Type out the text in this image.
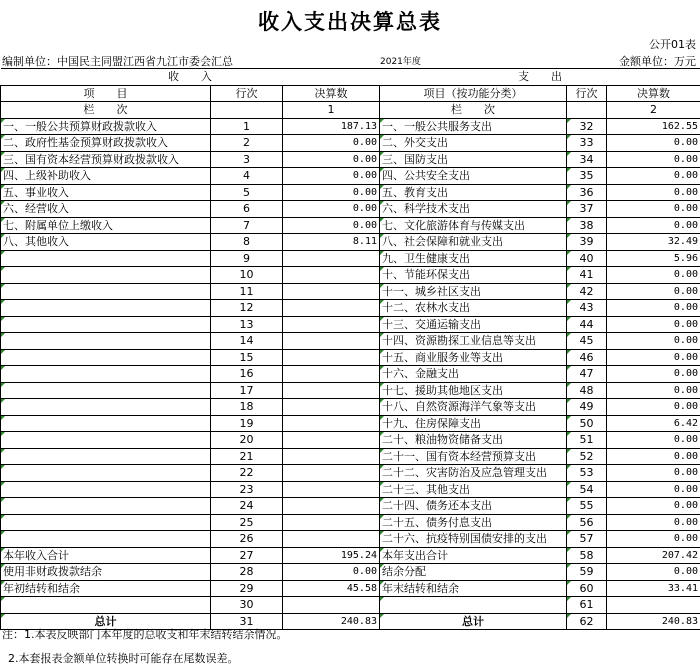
收入支出决算总表
公开01表
编制单位：中国民主同盟江西省九江市委会汇总	2021年度	金额单位：万元
收　　入			支　　出		
项　　目	行次	决算数	项目（按功能分类）	行次	决算数
栏　　次		1	栏　　次		2
一、一般公共预算财政拨款收入	1	187.13	一、一般公共服务支出	32	162.55
二、政府性基金预算财政拨款收入	2	0.00	二、外交支出	33	0.00
三、国有资本经营预算财政拨款收入	3	0.00	三、国防支出	34	0.00
四、上级补助收入	4	0.00	四、公共安全支出	35	0.00
五、事业收入	5	0.00	五、教育支出	36	0.00
六、经营收入	6	0.00	六、科学技术支出	37	0.00
七、附属单位上缴收入	7	0.00	七、文化旅游体育与传媒支出	38	0.00
八、其他收入	8	8.11	八、社会保障和就业支出	39	32.49
	9		九、卫生健康支出	40	5.96
	10		十、节能环保支出	41	0.00
	11		十一、城乡社区支出	42	0.00
	12		十二、农林水支出	43	0.00
	13		十三、交通运输支出	44	0.00
	14		十四、资源勘探工业信息等支出	45	0.00
	15		十五、商业服务业等支出	46	0.00
	16		十六、金融支出	47	0.00
	17		十七、援助其他地区支出	48	0.00
	18		十八、自然资源海洋气象等支出	49	0.00
	19		十九、住房保障支出	50	6.42
	20		二十、粮油物资储备支出	51	0.00
	21		二十一、国有资本经营预算支出	52	0.00
	22		二十二、灾害防治及应急管理支出	53	0.00
	23		二十三、其他支出	54	0.00
	24		二十四、债务还本支出	55	0.00
	25		二十五、债务付息支出	56	0.00
	26		二十六、抗疫特别国债安排的支出	57	0.00
本年收入合计	27	195.24	本年支出合计	58	207.42
使用非财政拨款结余	28	0.00	结余分配	59	0.00
年初结转和结余	29	45.58	年末结转和结余	60	33.41
	30			61	
总计	31	240.83	总计	62	240.83
注：1.本表反映部门本年度的总收支和年末结转结余情况。
2.本套报表金额单位转换时可能存在尾数误差。
